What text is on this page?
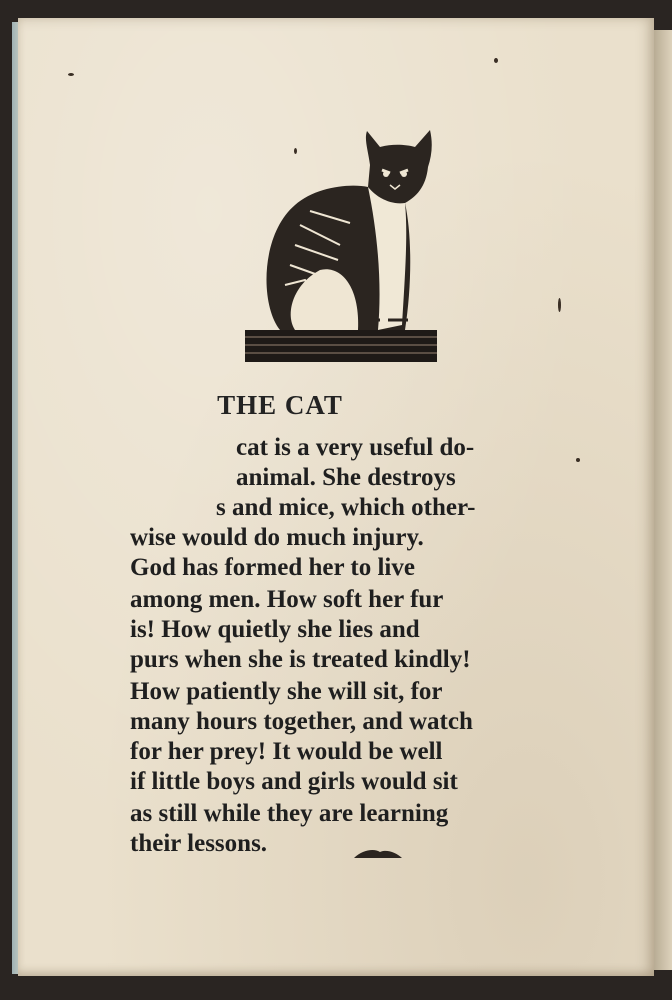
THE CAT
cat is a very useful do-
animal. She destroys
s and mice, which other-
wise would do much injury.
God has formed her to live
among men. How soft her fur
is! How quietly she lies and
purs when she is treated kindly!
How patiently she will sit, for
many hours together, and watch
for her prey! It would be well
if little boys and girls would sit
as still while they are learning
their lessons.
